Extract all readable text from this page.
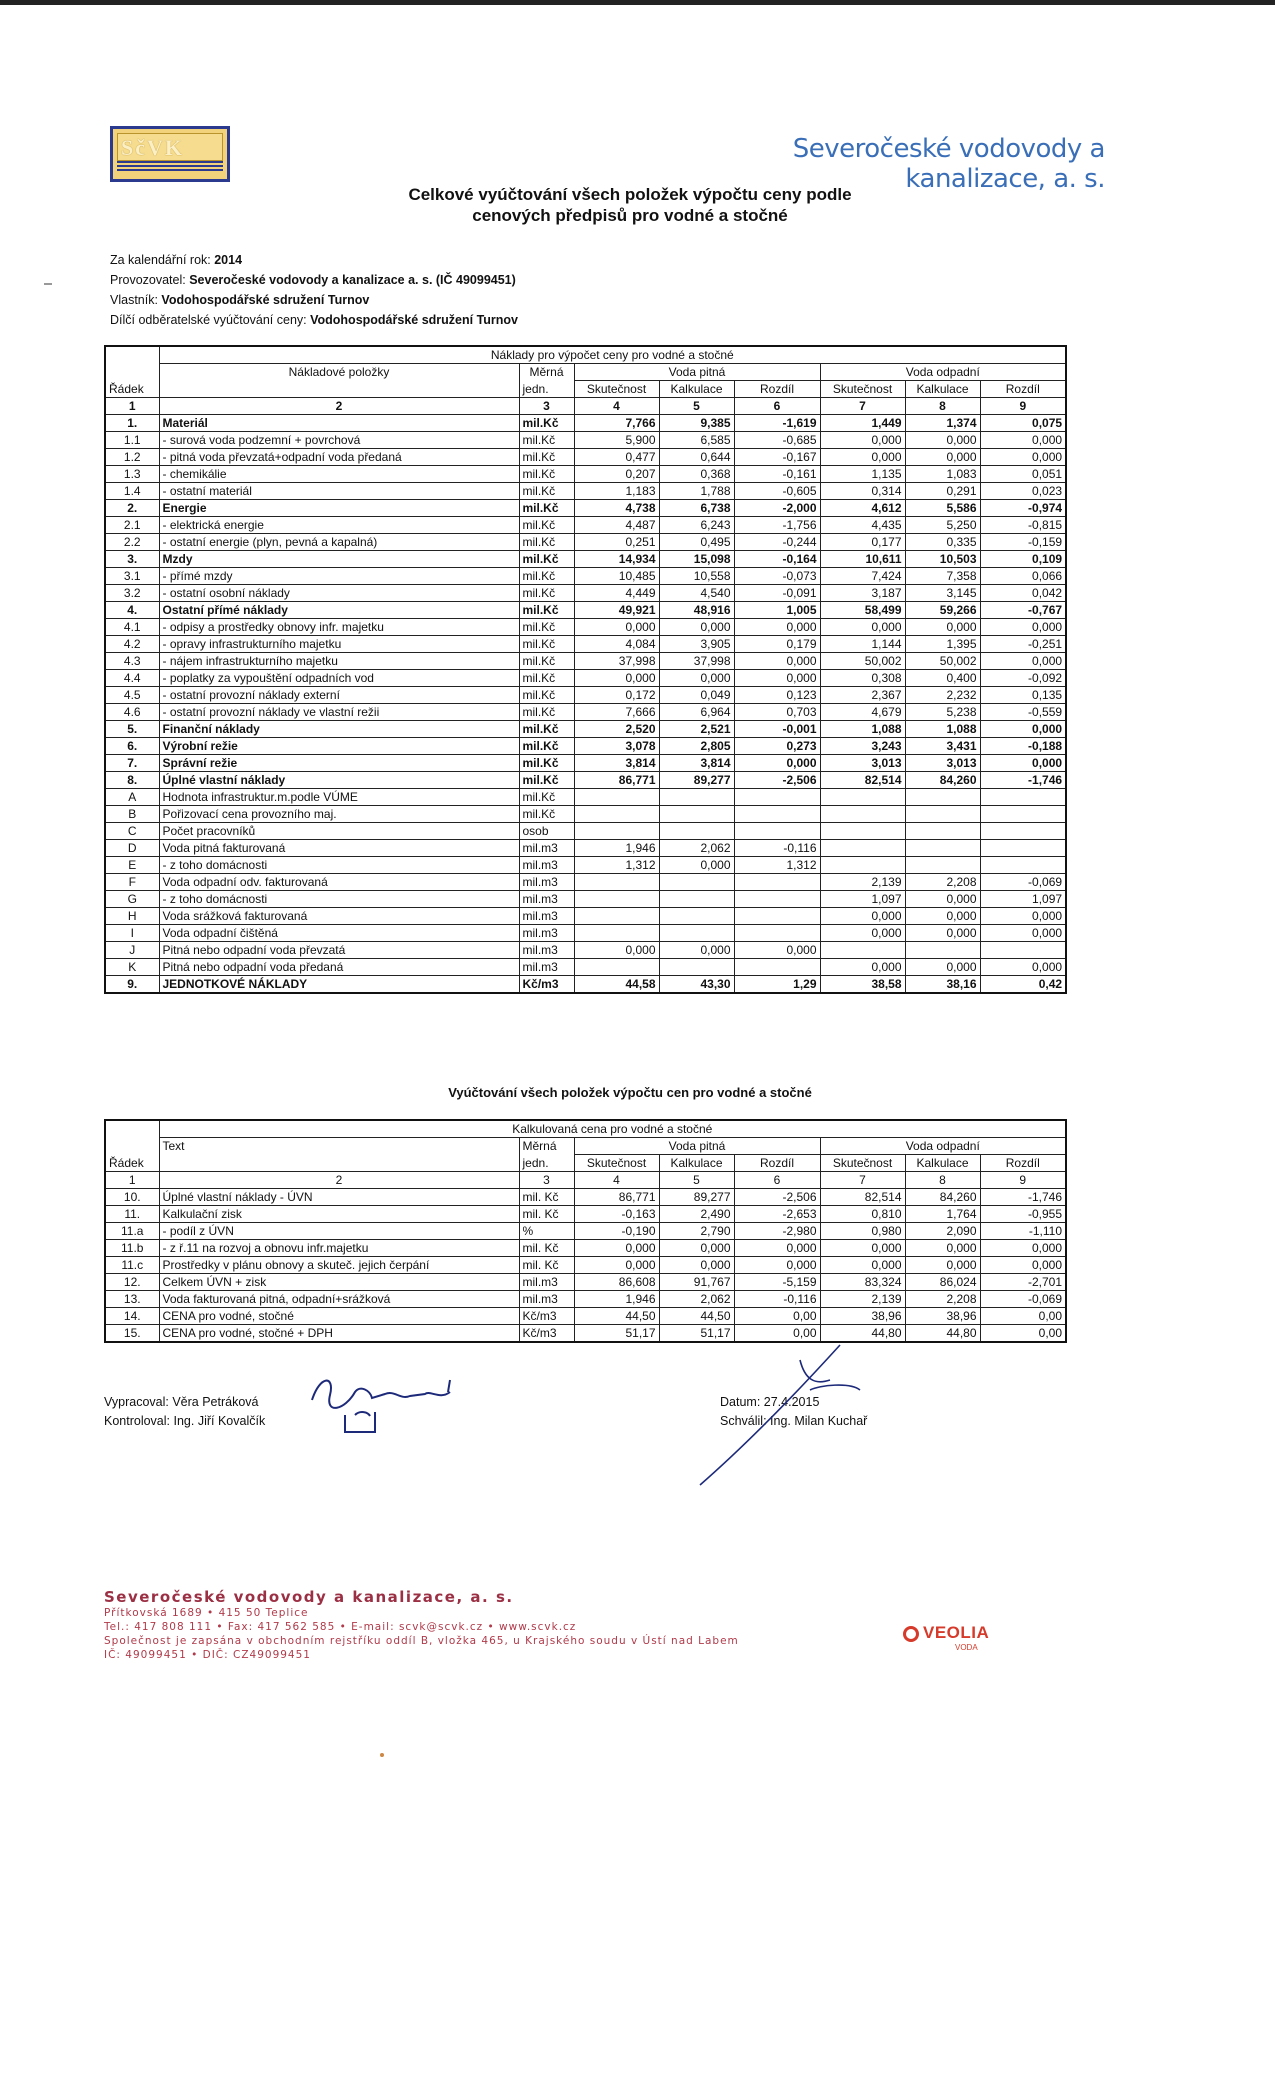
SčVK	Severočeské vodovody a kanalizace, a. s.
Celkové vyúčtování všech položek výpočtu ceny podle
cenových předpisů pro vodné a stočné
Za kalendářní rok: 2014
Provozovatel: Severočeské vodovody a kanalizace a. s. (IČ 49099451)
Vlastník: Vodohospodářské sdružení Turnov
Dílčí odběratelské vyúčtování ceny: Vodohospodářské sdružení Turnov
	Náklady pro výpočet ceny pro vodné a stočné							
	Nákladové položky	Měrná	Voda pitná			Voda odpadní		
Řádek		jedn.	Skutečnost	Kalkulace	Rozdíl	Skutečnost	Kalkulace	Rozdíl
1	2	3	4	5	6	7	8	9
1.	Materiál	mil.Kč	7,766	9,385	-1,619	1,449	1,374	0,075
1.1	- surová voda podzemní + povrchová	mil.Kč	5,900	6,585	-0,685	0,000	0,000	0,000
1.2	- pitná voda převzatá+odpadní voda předaná	mil.Kč	0,477	0,644	-0,167	0,000	0,000	0,000
1.3	- chemikálie	mil.Kč	0,207	0,368	-0,161	1,135	1,083	0,051
1.4	- ostatní materiál	mil.Kč	1,183	1,788	-0,605	0,314	0,291	0,023
2.	Energie	mil.Kč	4,738	6,738	-2,000	4,612	5,586	-0,974
2.1	- elektrická energie	mil.Kč	4,487	6,243	-1,756	4,435	5,250	-0,815
2.2	- ostatní energie (plyn, pevná a kapalná)	mil.Kč	0,251	0,495	-0,244	0,177	0,335	-0,159
3.	Mzdy	mil.Kč	14,934	15,098	-0,164	10,611	10,503	0,109
3.1	- přímé mzdy	mil.Kč	10,485	10,558	-0,073	7,424	7,358	0,066
3.2	- ostatní osobní náklady	mil.Kč	4,449	4,540	-0,091	3,187	3,145	0,042
4.	Ostatní přímé náklady	mil.Kč	49,921	48,916	1,005	58,499	59,266	-0,767
4.1	- odpisy a prostředky obnovy infr. majetku	mil.Kč	0,000	0,000	0,000	0,000	0,000	0,000
4.2	- opravy infrastrukturního majetku	mil.Kč	4,084	3,905	0,179	1,144	1,395	-0,251
4.3	- nájem infrastrukturního majetku	mil.Kč	37,998	37,998	0,000	50,002	50,002	0,000
4.4	- poplatky za vypouštění odpadních vod	mil.Kč	0,000	0,000	0,000	0,308	0,400	-0,092
4.5	- ostatní provozní náklady externí	mil.Kč	0,172	0,049	0,123	2,367	2,232	0,135
4.6	- ostatní provozní náklady ve vlastní režii	mil.Kč	7,666	6,964	0,703	4,679	5,238	-0,559
5.	Finanční náklady	mil.Kč	2,520	2,521	-0,001	1,088	1,088	0,000
6.	Výrobní režie	mil.Kč	3,078	2,805	0,273	3,243	3,431	-0,188
7.	Správní režie	mil.Kč	3,814	3,814	0,000	3,013	3,013	0,000
8.	Úplné vlastní náklady	mil.Kč	86,771	89,277	-2,506	82,514	84,260	-1,746
A	Hodnota infrastruktur.m.podle VÚME	mil.Kč						
B	Pořizovací cena provozního maj.	mil.Kč						
C	Počet pracovníků	osob						
D	Voda pitná fakturovaná	mil.m3	1,946	2,062	-0,116			
E	- z toho domácnosti	mil.m3	1,312	0,000	1,312			
F	Voda odpadní odv. fakturovaná	mil.m3				2,139	2,208	-0,069
G	- z toho domácnosti	mil.m3				1,097	0,000	1,097
H	Voda srážková fakturovaná	mil.m3				0,000	0,000	0,000
I	Voda odpadní čištěná	mil.m3				0,000	0,000	0,000
J	Pitná nebo odpadní voda převzatá	mil.m3	0,000	0,000	0,000			
K	Pitná nebo odpadní voda předaná	mil.m3				0,000	0,000	0,000
9.	JEDNOTKOVÉ NÁKLADY	Kč/m3	44,58	43,30	1,29	38,58	38,16	0,42
Vyúčtování všech položek výpočtu cen pro vodné a stočné
	Kalkulovaná cena pro vodné a stočné							
	Text	Měrná	Voda pitná			Voda odpadní		
Řádek		jedn.	Skutečnost	Kalkulace	Rozdíl	Skutečnost	Kalkulace	Rozdíl
1	2	3	4	5	6	7	8	9
10.	Úplné vlastní náklady - ÚVN	mil. Kč	86,771	89,277	-2,506	82,514	84,260	-1,746
11.	Kalkulační zisk	mil. Kč	-0,163	2,490	-2,653	0,810	1,764	-0,955
11.a	- podíl z ÚVN	%	-0,190	2,790	-2,980	0,980	2,090	-1,110
11.b	- z ř.11 na rozvoj a obnovu infr.majetku	mil. Kč	0,000	0,000	0,000	0,000	0,000	0,000
11.c	Prostředky v plánu obnovy a skuteč. jejich čerpání	mil. Kč	0,000	0,000	0,000	0,000	0,000	0,000
12.	Celkem ÚVN + zisk	mil.m3	86,608	91,767	-5,159	83,324	86,024	-2,701
13.	Voda fakturovaná pitná, odpadní+srážková	mil.m3	1,946	2,062	-0,116	2,139	2,208	-0,069
14.	CENA pro vodné, stočné	Kč/m3	44,50	44,50	0,00	38,96	38,96	0,00
15.	CENA pro vodné, stočné + DPH	Kč/m3	51,17	51,17	0,00	44,80	44,80	0,00
Vypracoval: Věra Petráková
Kontroloval: Ing. Jiří Kovalčík
Datum: 27.4.2015
Schválil: Ing. Milan Kuchař
Severočeské vodovody a kanalizace, a. s.
Přítkovská 1689 • 415 50 Teplice
Tel.: 417 808 111 • Fax: 417 562 585 • E-mail: scvk@scvk.cz • www.scvk.cz
Společnost je zapsána v obchodním rejstříku oddíl B, vložka 465, u Krajského soudu v Ústí nad Labem
IČ: 49099451 • DIČ: CZ49099451
VEOLIA
VODA
